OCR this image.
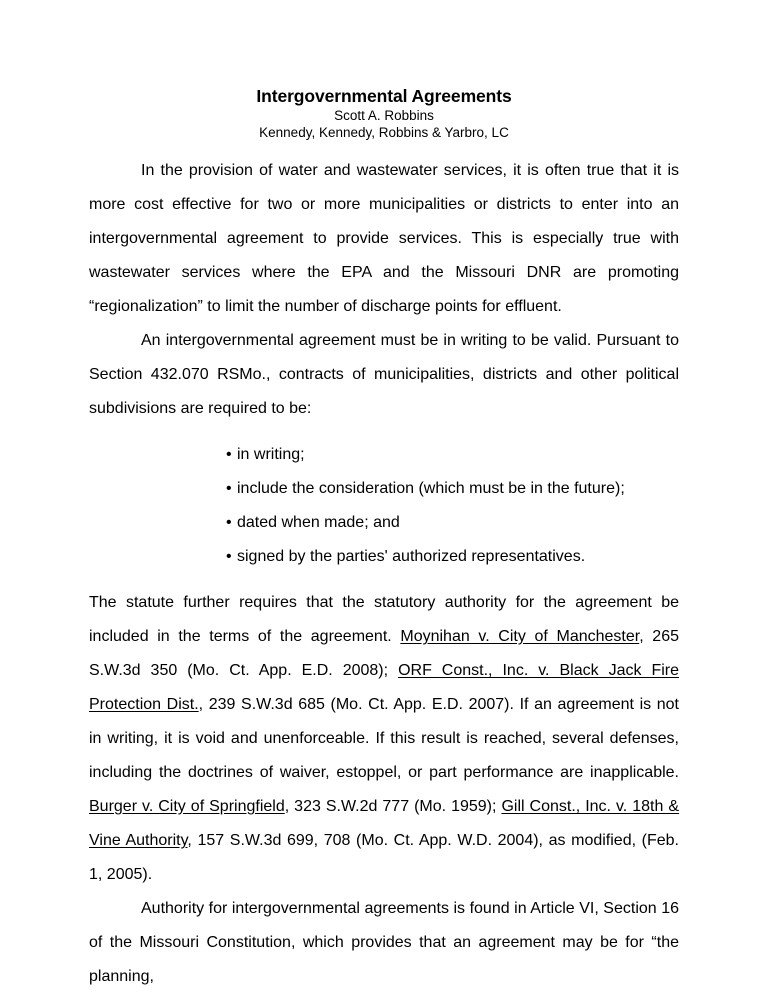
Intergovernmental Agreements
Scott A. Robbins
Kennedy, Kennedy, Robbins & Yarbro, LC

In the provision of water and wastewater services, it is often true that it is more cost effective for two or more municipalities or districts to enter into an intergovernmental agreement to provide services. This is especially true with wastewater services where the EPA and the Missouri DNR are promoting “regionalization” to limit the number of discharge points for effluent.

An intergovernmental agreement must be in writing to be valid. Pursuant to Section 432.070 RSMo., contracts of municipalities, districts and other political subdivisions are required to be:

• in writing;
• include the consideration (which must be in the future);
• dated when made; and
• signed by the parties' authorized representatives.

The statute further requires that the statutory authority for the agreement be included in the terms of the agreement. Moynihan v. City of Manchester, 265 S.W.3d 350 (Mo. Ct. App. E.D. 2008); ORF Const., Inc. v. Black Jack Fire Protection Dist., 239 S.W.3d 685 (Mo. Ct. App. E.D. 2007). If an agreement is not in writing, it is void and unenforceable. If this result is reached, several defenses, including the doctrines of waiver, estoppel, or part performance are inapplicable. Burger v. City of Springfield, 323 S.W.2d 777 (Mo. 1959); Gill Const., Inc. v. 18th & Vine Authority, 157 S.W.3d 699, 708 (Mo. Ct. App. W.D. 2004), as modified, (Feb. 1, 2005).

Authority for intergovernmental agreements is found in Article VI, Section 16 of the Missouri Constitution, which provides that an agreement may be for “the planning,
